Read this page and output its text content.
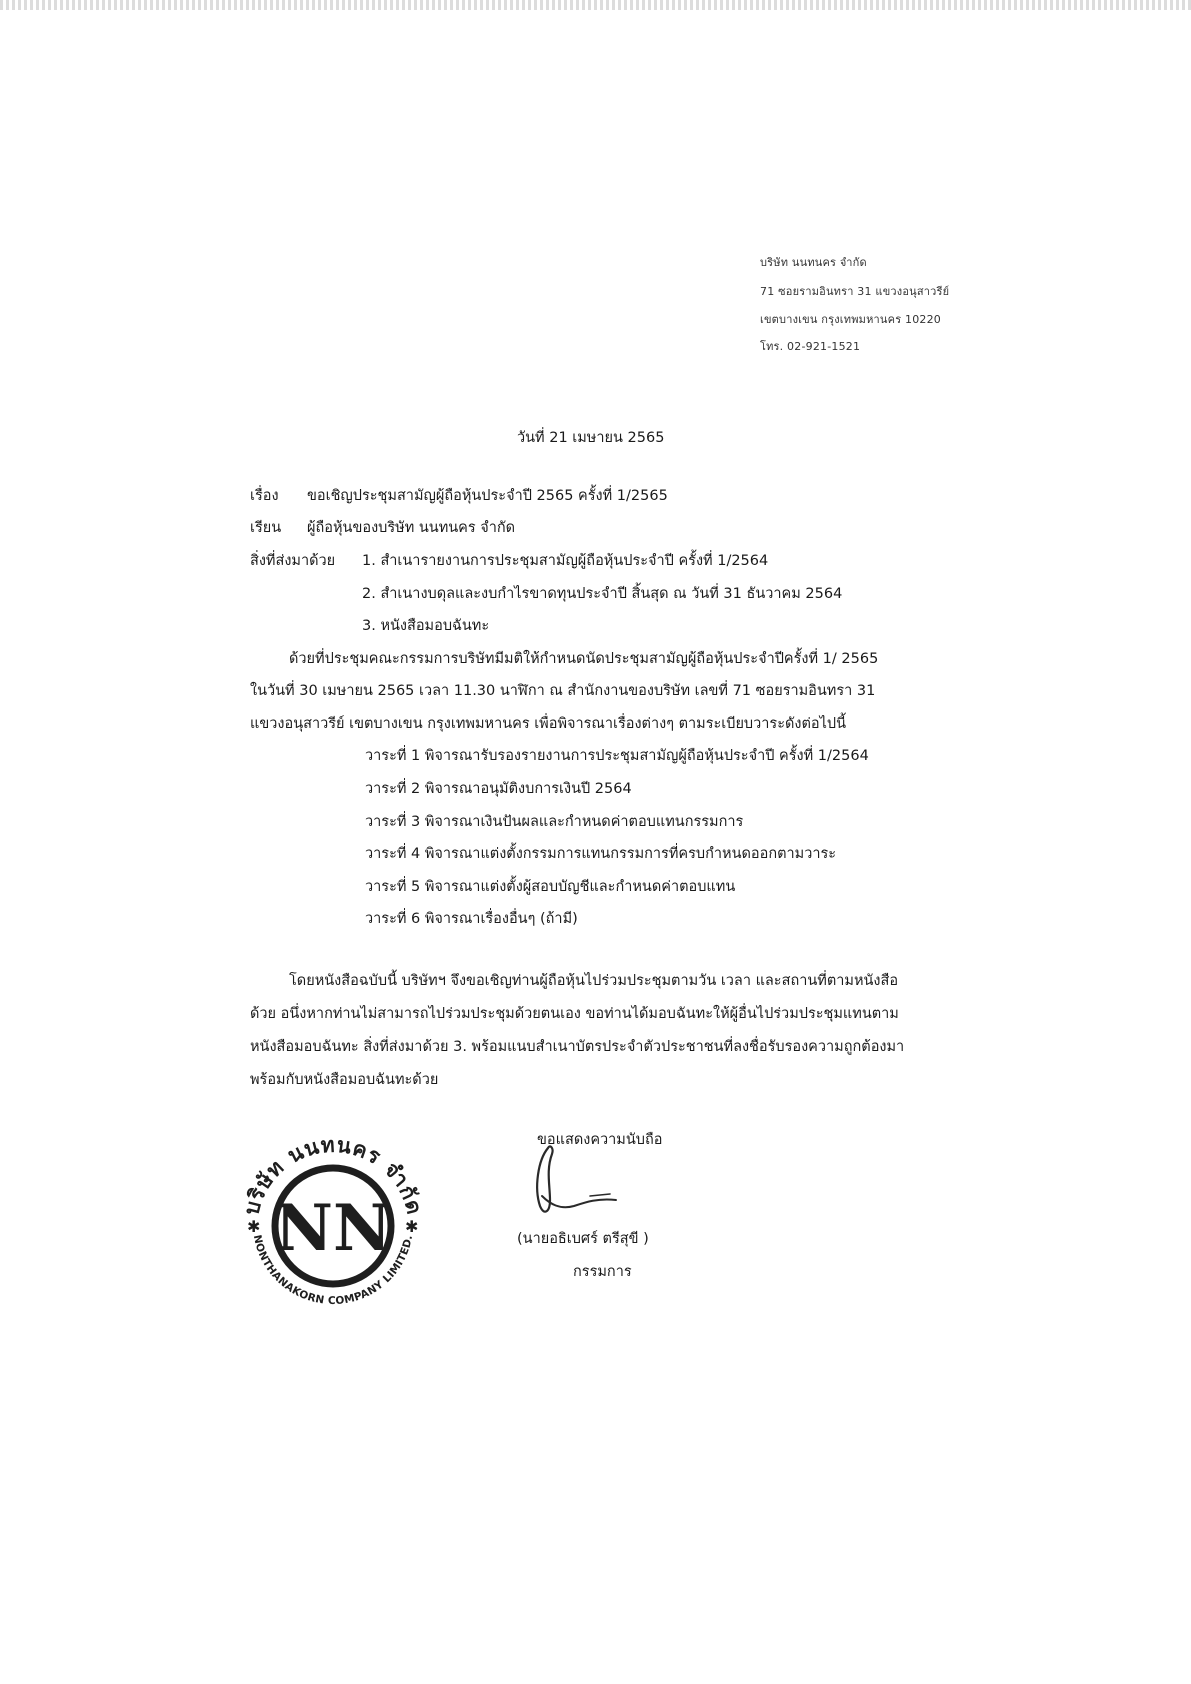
บริษัท นนทนคร จำกัด
71 ซอยรามอินทรา 31 แขวงอนุสาวรีย์
เขตบางเขน กรุงเทพมหานคร 10220
โทร. 02-921-1521
วันที่ 21 เมษายน 2565
เรื่อง ขอเชิญประชุมสามัญผู้ถือหุ้นประจำปี 2565 ครั้งที่ 1/2565
เรียน ผู้ถือหุ้นของบริษัท นนทนคร จำกัด
สิ่งที่ส่งมาด้วย 1. สำเนารายงานการประชุมสามัญผู้ถือหุ้นประจำปี ครั้งที่ 1/2564
2. สำเนางบดุลและงบกำไรขาดทุนประจำปี สิ้นสุด ณ วันที่ 31 ธันวาคม 2564
3. หนังสือมอบฉันทะ
ด้วยที่ประชุมคณะกรรมการบริษัทมีมติให้กำหนดนัดประชุมสามัญผู้ถือหุ้นประจำปีครั้งที่ 1/ 2565
ในวันที่ 30 เมษายน 2565 เวลา 11.30 นาฬิกา ณ สำนักงานของบริษัท เลขที่ 71 ซอยรามอินทรา 31
แขวงอนุสาวรีย์ เขตบางเขน กรุงเทพมหานคร เพื่อพิจารณาเรื่องต่างๆ ตามระเบียบวาระดังต่อไปนี้
วาระที่ 1 พิจารณารับรองรายงานการประชุมสามัญผู้ถือหุ้นประจำปี ครั้งที่ 1/2564
วาระที่ 2 พิจารณาอนุมัติงบการเงินปี 2564
วาระที่ 3 พิจารณาเงินปันผลและกำหนดค่าตอบแทนกรรมการ
วาระที่ 4 พิจารณาแต่งตั้งกรรมการแทนกรรมการที่ครบกำหนดออกตามวาระ
วาระที่ 5 พิจารณาแต่งตั้งผู้สอบบัญชีและกำหนดค่าตอบแทน
วาระที่ 6 พิจารณาเรื่องอื่นๆ (ถ้ามี)
โดยหนังสือฉบับนี้ บริษัทฯ จึงขอเชิญท่านผู้ถือหุ้นไปร่วมประชุมตามวัน เวลา และสถานที่ตามหนังสือ
ด้วย อนึ่งหากท่านไม่สามารถไปร่วมประชุมด้วยตนเอง ขอท่านได้มอบฉันทะให้ผู้อื่นไปร่วมประชุมแทนตาม
หนังสือมอบฉันทะ สิ่งที่ส่งมาด้วย 3. พร้อมแนบสำเนาบัตรประจำตัวประชาชนที่ลงชื่อรับรองความถูกต้องมา
พร้อมกับหนังสือมอบฉันทะด้วย
ขอแสดงความนับถือ
(นายอธิเบศร์ ตรีสุขี )
กรรมการ
บริษัท นนทนคร จำกัด
NONTHANAKORN COMPANY LIMITED.
NN
✱	✱
